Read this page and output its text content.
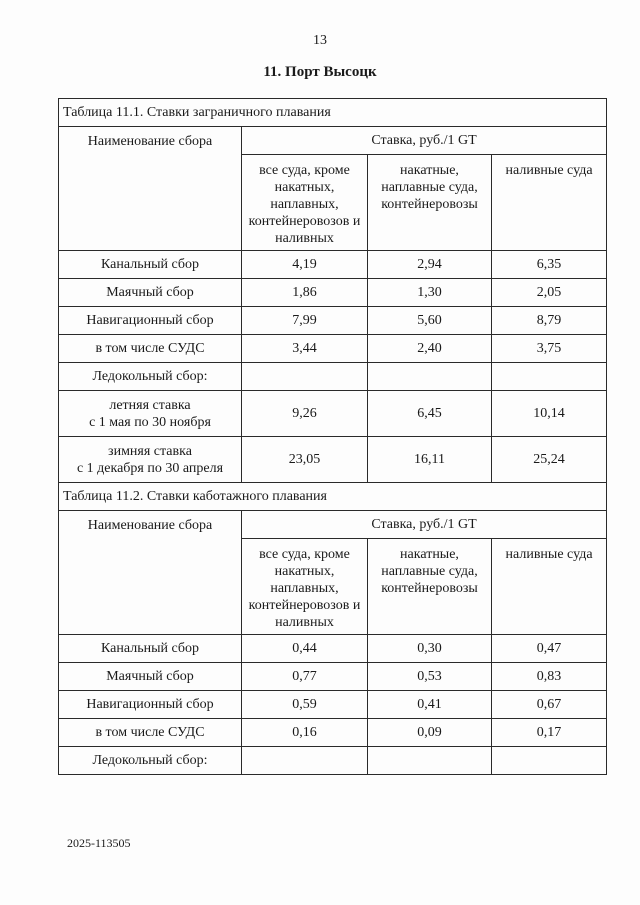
13
11. Порт Высоцк
Таблица 11.1. Ставки заграничного плавания			
Наименование сбора	Ставка, руб./1 GT		
	все суда, кроме накатных, наплавных, контейнеровозов и наливных	накатные, наплавные суда, контейнеровозы	наливные суда
Канальный сбор	4,19	2,94	6,35
Маячный сбор	1,86	1,30	2,05
Навигационный сбор	7,99	5,60	8,79
в том числе СУДС	3,44	2,40	3,75
Ледокольный сбор:			
летняя ставка
с 1 мая по 30 ноября	9,26	6,45	10,14
зимняя ставка
с 1 декабря по 30 апреля	23,05	16,11	25,24
Таблица 11.2. Ставки каботажного плавания			
Наименование сбора	Ставка, руб./1 GT		
	все суда, кроме накатных, наплавных, контейнеровозов и наливных	накатные, наплавные суда, контейнеровозы	наливные суда
Канальный сбор	0,44	0,30	0,47
Маячный сбор	0,77	0,53	0,83
Навигационный сбор	0,59	0,41	0,67
в том числе СУДС	0,16	0,09	0,17
Ледокольный сбор:			
2025-113505
